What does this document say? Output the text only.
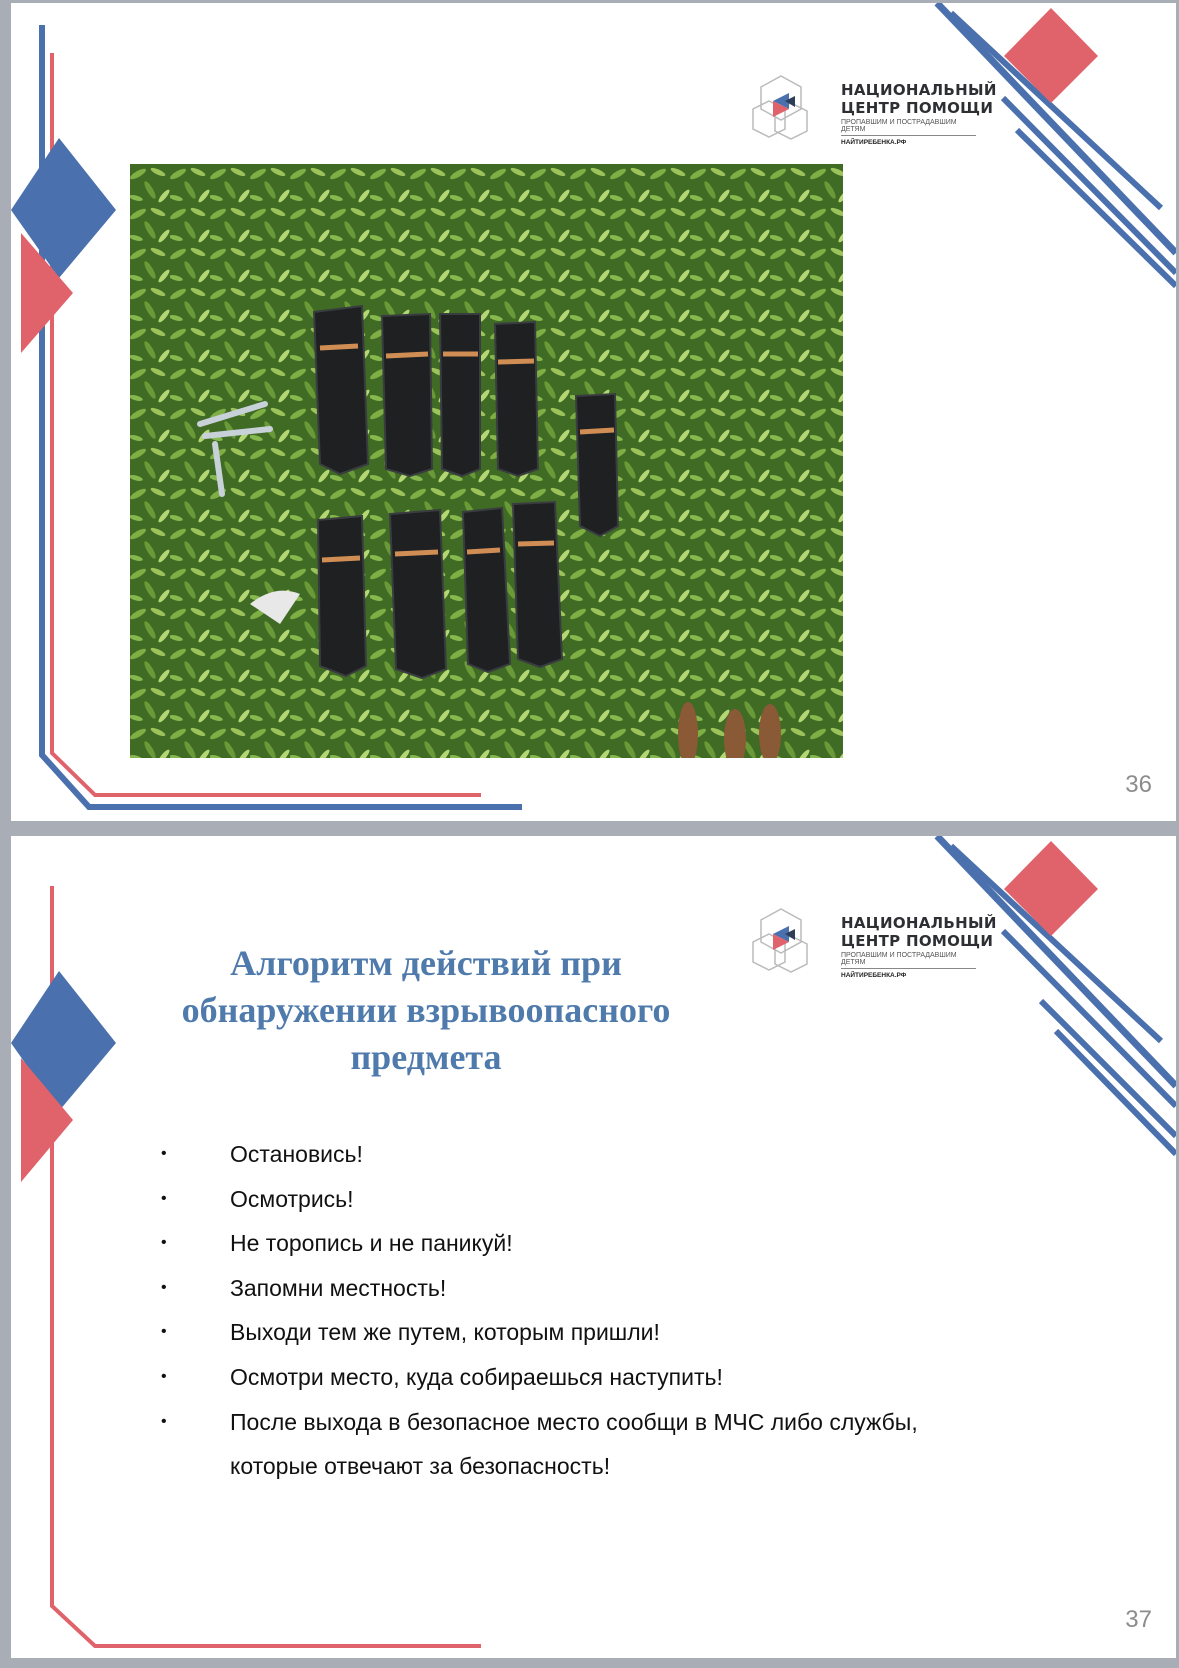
НАЦИОНАЛЬНЫЙ
ЦЕНТР ПОМОЩИ
ПРОПАВШИМ И ПОСТРАДАВШИМ ДЕТЯМ
НАЙТИРЕБЕНКА.РФ
36
НАЦИОНАЛЬНЫЙ
ЦЕНТР ПОМОЩИ
ПРОПАВШИМ И ПОСТРАДАВШИМ ДЕТЯМ
НАЙТИРЕБЕНКА.РФ
Алгоритм действий при обнаружении взрывоопасного предмета
•	Остановись!
•	Осмотрись!
•	Не торопись и не паникуй!
•	Запомни местность!
•	Выходи тем же путем, которым пришли!
•	Осмотри место, куда собираешься наступить!
•	После выхода в безопасное место сообщи в МЧС либо службы,
которые отвечают за безопасность!
37
